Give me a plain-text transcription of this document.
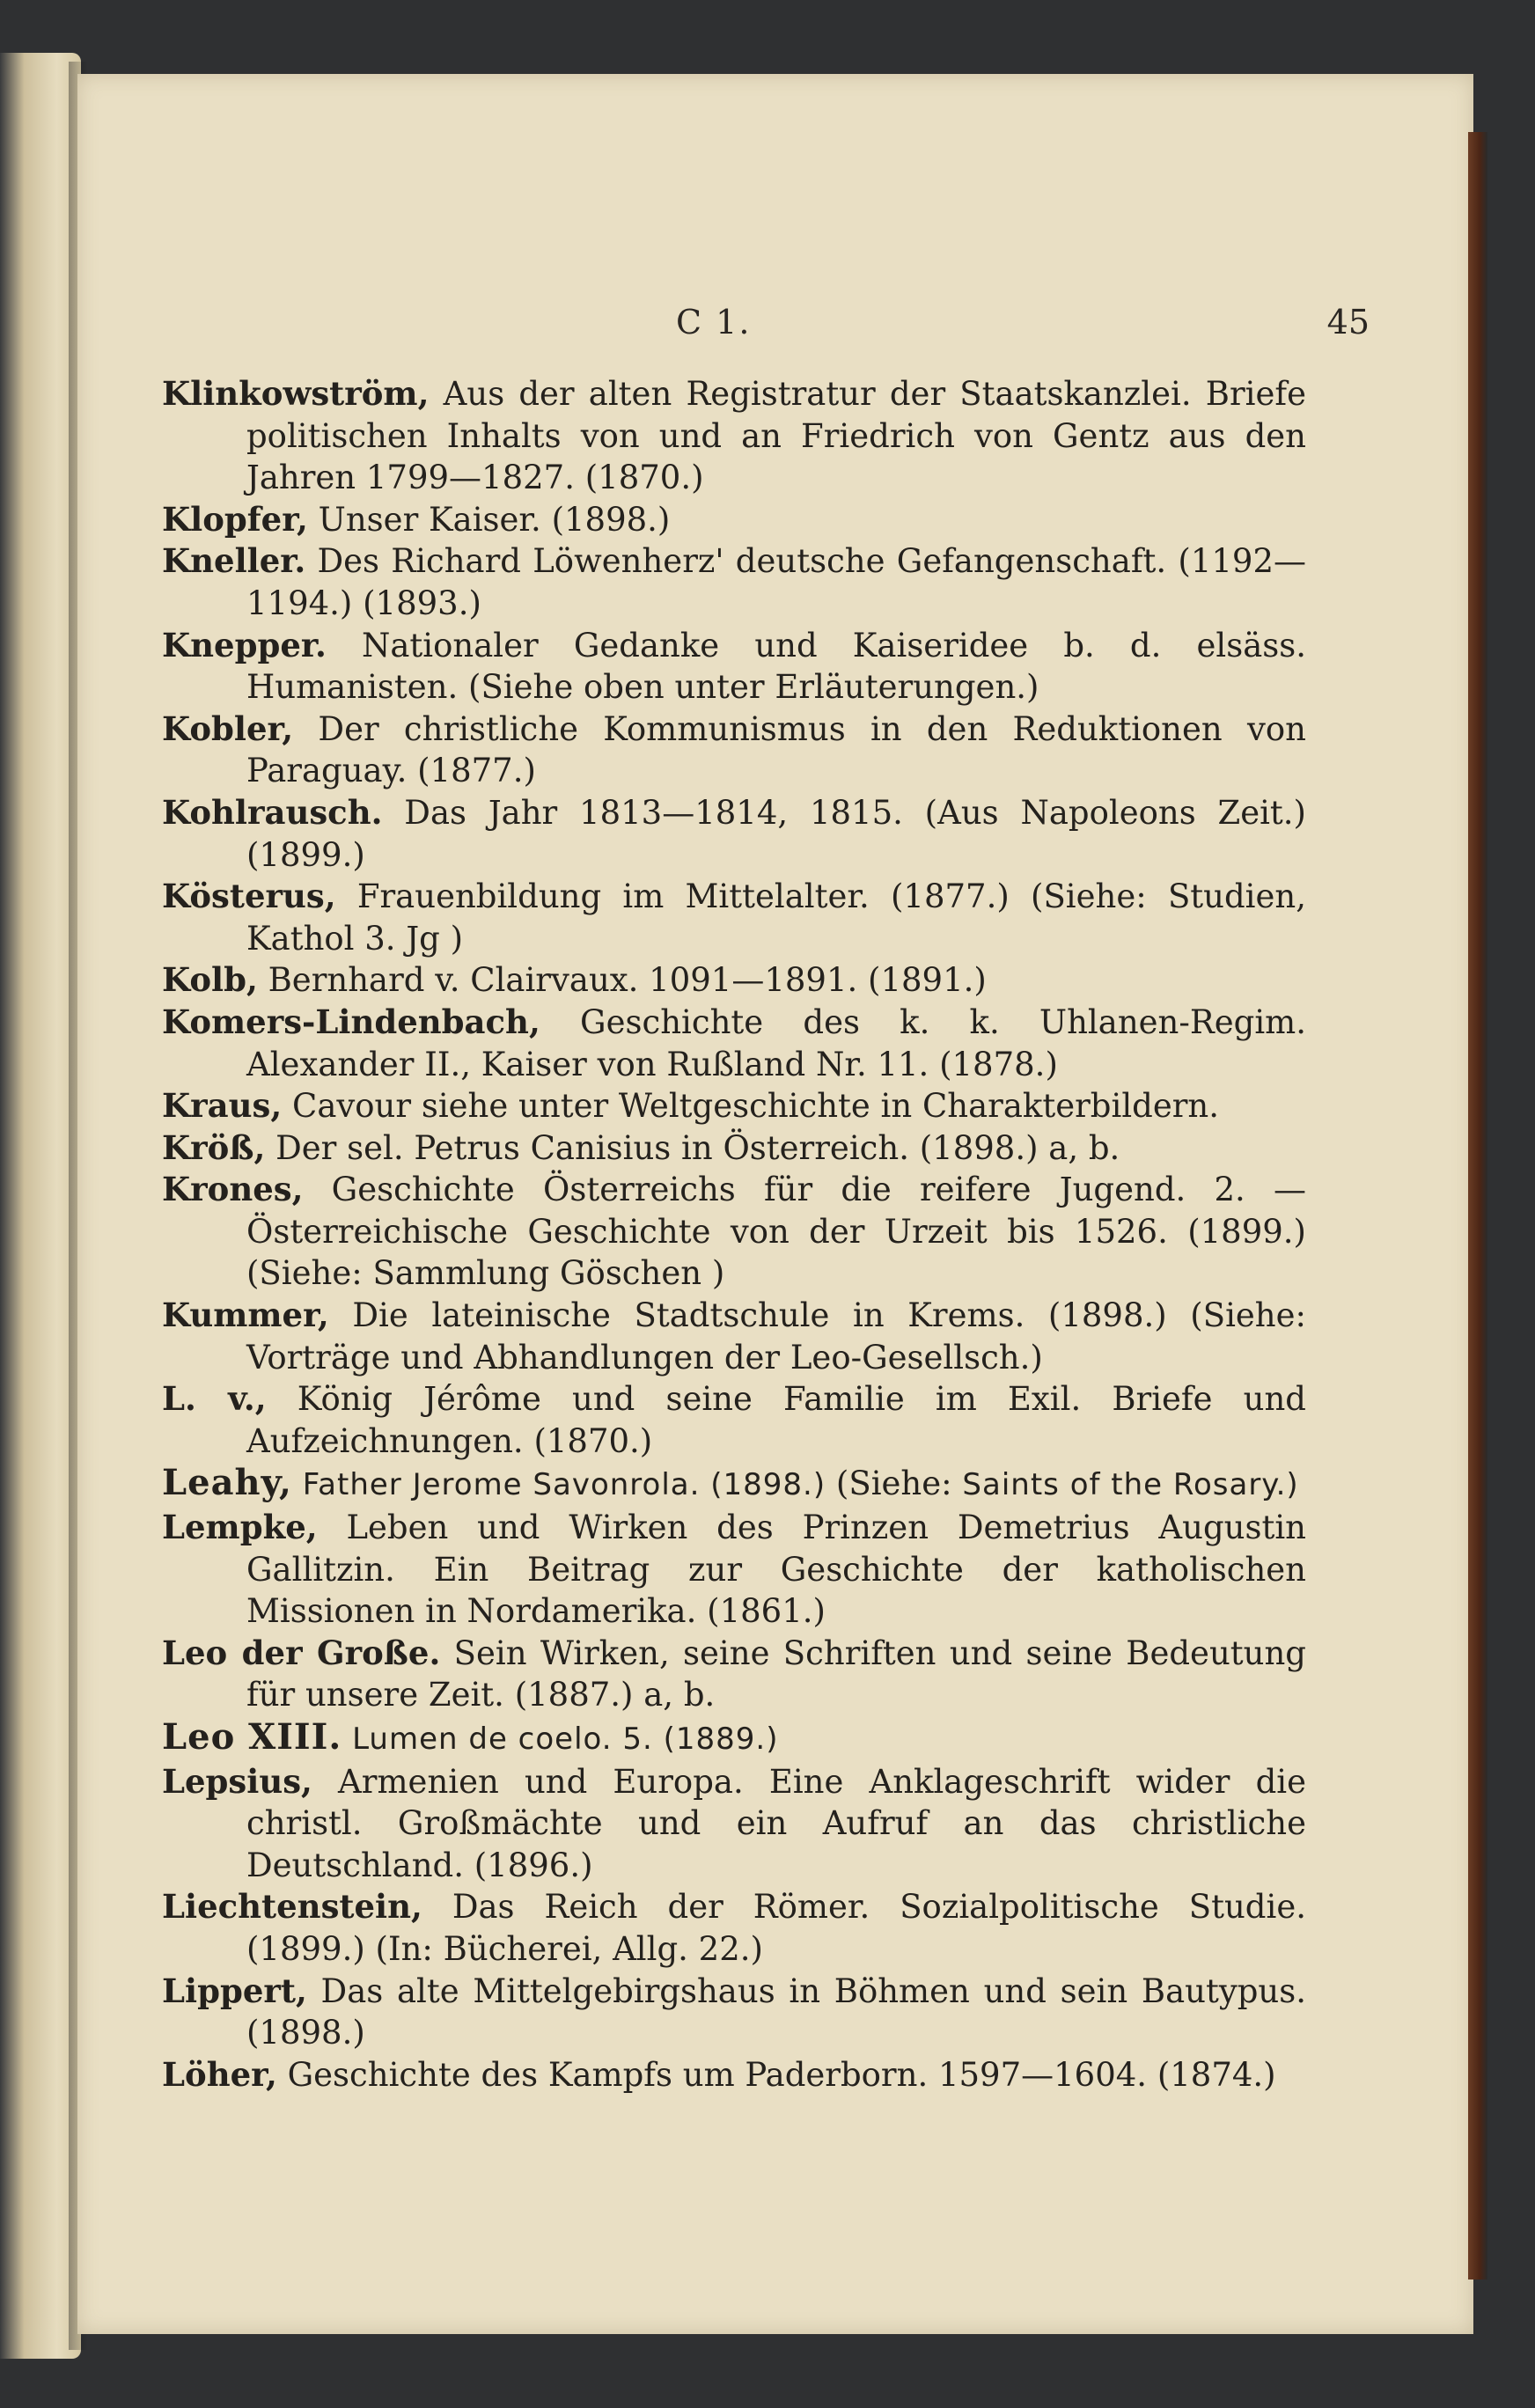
C 1.	45
Klinkowström, Aus der alten Registratur der Staatskanzlei. Briefe politischen Inhalts von und an Friedrich von Gentz aus den Jahren 1799—1827. (1870.)
Klopfer, Unser Kaiser. (1898.)
Kneller. Des Richard Löwenherz' deutsche Gefangenschaft. (1192—1194.) (1893.)
Knepper. Nationaler Gedanke und Kaiseridee b. d. elsäss. Humanisten. (Siehe oben unter Erläuterungen.)
Kobler, Der christliche Kommunismus in den Reduktionen von Paraguay. (1877.)
Kohlrausch. Das Jahr 1813—1814, 1815. (Aus Napoleons Zeit.) (1899.)
Kösterus, Frauenbildung im Mittelalter. (1877.) (Siehe: Studien, Kathol 3. Jg )
Kolb, Bernhard v. Clairvaux. 1091—1891. (1891.)
Komers-Lindenbach, Geschichte des k. k. Uhlanen-Regim. Alexander II., Kaiser von Rußland Nr. 11. (1878.)
Kraus, Cavour siehe unter Weltgeschichte in Charakterbildern.
Kröß, Der sel. Petrus Canisius in Österreich. (1898.) a, b.
Krones, Geschichte Österreichs für die reifere Jugend. 2. — Österreichische Geschichte von der Urzeit bis 1526. (1899.) (Siehe: Sammlung Göschen )
Kummer, Die lateinische Stadtschule in Krems. (1898.) (Siehe: Vorträge und Abhandlungen der Leo-Gesellsch.)
L. v., König Jérôme und seine Familie im Exil. Briefe und Aufzeichnungen. (1870.)
Leahy, Father Jerome Savonrola. (1898.) (Siehe: Saints of the Rosary.)
Lempke, Leben und Wirken des Prinzen Demetrius Augustin Gallitzin. Ein Beitrag zur Geschichte der katholischen Missionen in Nordamerika. (1861.)
Leo der Große. Sein Wirken, seine Schriften und seine Bedeutung für unsere Zeit. (1887.) a, b.
Leo XIII. Lumen de coelo. 5. (1889.)
Lepsius, Armenien und Europa. Eine Anklageschrift wider die christl. Großmächte und ein Aufruf an das christliche Deutschland. (1896.)
Liechtenstein, Das Reich der Römer. Sozialpolitische Studie. (1899.) (In: Bücherei, Allg. 22.)
Lippert, Das alte Mittelgebirgshaus in Böhmen und sein Bautypus. (1898.)
Löher, Geschichte des Kampfs um Paderborn. 1597—1604. (1874.)
